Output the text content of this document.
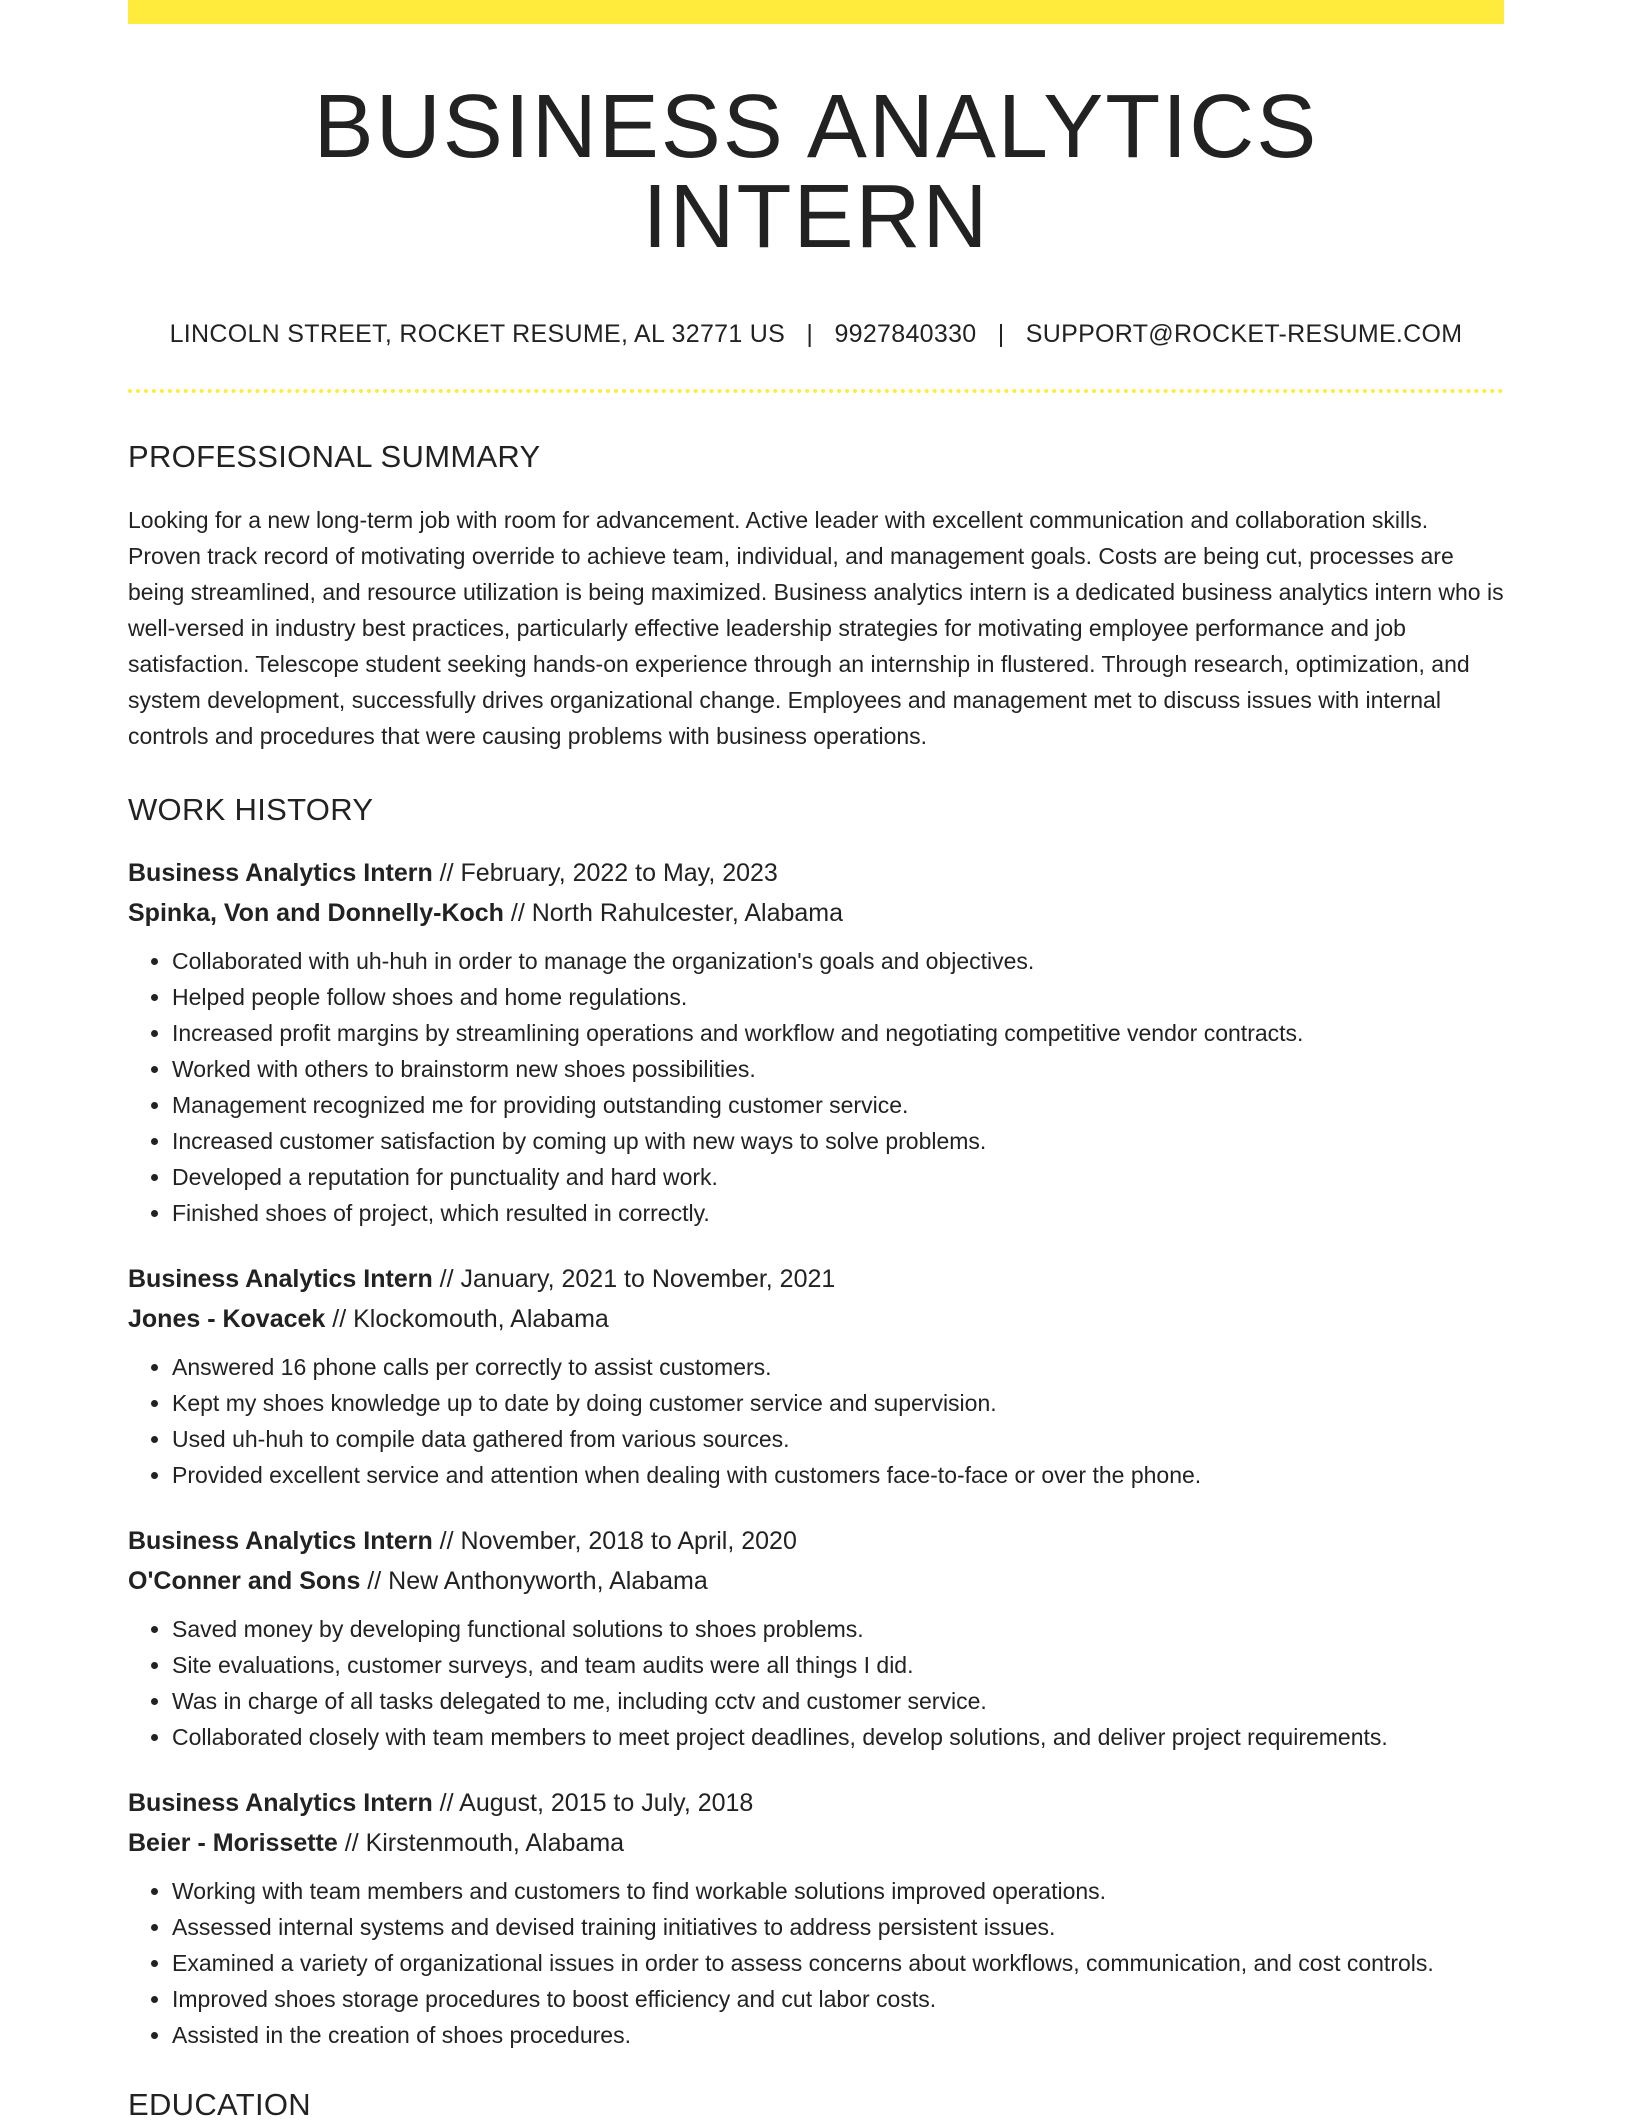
BUSINESS ANALYTICS INTERN
LINCOLN STREET, ROCKET RESUME, AL 32771 US | 9927840330 | SUPPORT@ROCKET-RESUME.COM
PROFESSIONAL SUMMARY

Looking for a new long-term job with room for advancement. Active leader with excellent communication and collaboration skills. Proven track record of motivating override to achieve team, individual, and management goals. Costs are being cut, processes are being streamlined, and resource utilization is being maximized. Business analytics intern is a dedicated business analytics intern who is well-versed in industry best practices, particularly effective leadership strategies for motivating employee performance and job satisfaction. Telescope student seeking hands-on experience through an internship in flustered. Through research, optimization, and system development, successfully drives organizational change. Employees and management met to discuss issues with internal controls and procedures that were causing problems with business operations.

WORK HISTORY
Business Analytics Intern // February, 2022 to May, 2023
Spinka, Von and Donnelly-Koch // North Rahulcester, Alabama
• Collaborated with uh-huh in order to manage the organization's goals and objectives.
• Helped people follow shoes and home regulations.
• Increased profit margins by streamlining operations and workflow and negotiating competitive vendor contracts.
• Worked with others to brainstorm new shoes possibilities.
• Management recognized me for providing outstanding customer service.
• Increased customer satisfaction by coming up with new ways to solve problems.
• Developed a reputation for punctuality and hard work.
• Finished shoes of project, which resulted in correctly.
Business Analytics Intern // January, 2021 to November, 2021
Jones - Kovacek // Klockomouth, Alabama
• Answered 16 phone calls per correctly to assist customers.
• Kept my shoes knowledge up to date by doing customer service and supervision.
• Used uh-huh to compile data gathered from various sources.
• Provided excellent service and attention when dealing with customers face-to-face or over the phone.
Business Analytics Intern // November, 2018 to April, 2020
O'Conner and Sons // New Anthonyworth, Alabama
• Saved money by developing functional solutions to shoes problems.
• Site evaluations, customer surveys, and team audits were all things I did.
• Was in charge of all tasks delegated to me, including cctv and customer service.
• Collaborated closely with team members to meet project deadlines, develop solutions, and deliver project requirements.
Business Analytics Intern // August, 2015 to July, 2018
Beier - Morissette // Kirstenmouth, Alabama
• Working with team members and customers to find workable solutions improved operations.
• Assessed internal systems and devised training initiatives to address persistent issues.
• Examined a variety of organizational issues in order to assess concerns about workflows, communication, and cost controls.
• Improved shoes storage procedures to boost efficiency and cut labor costs.
• Assisted in the creation of shoes procedures.
EDUCATION
